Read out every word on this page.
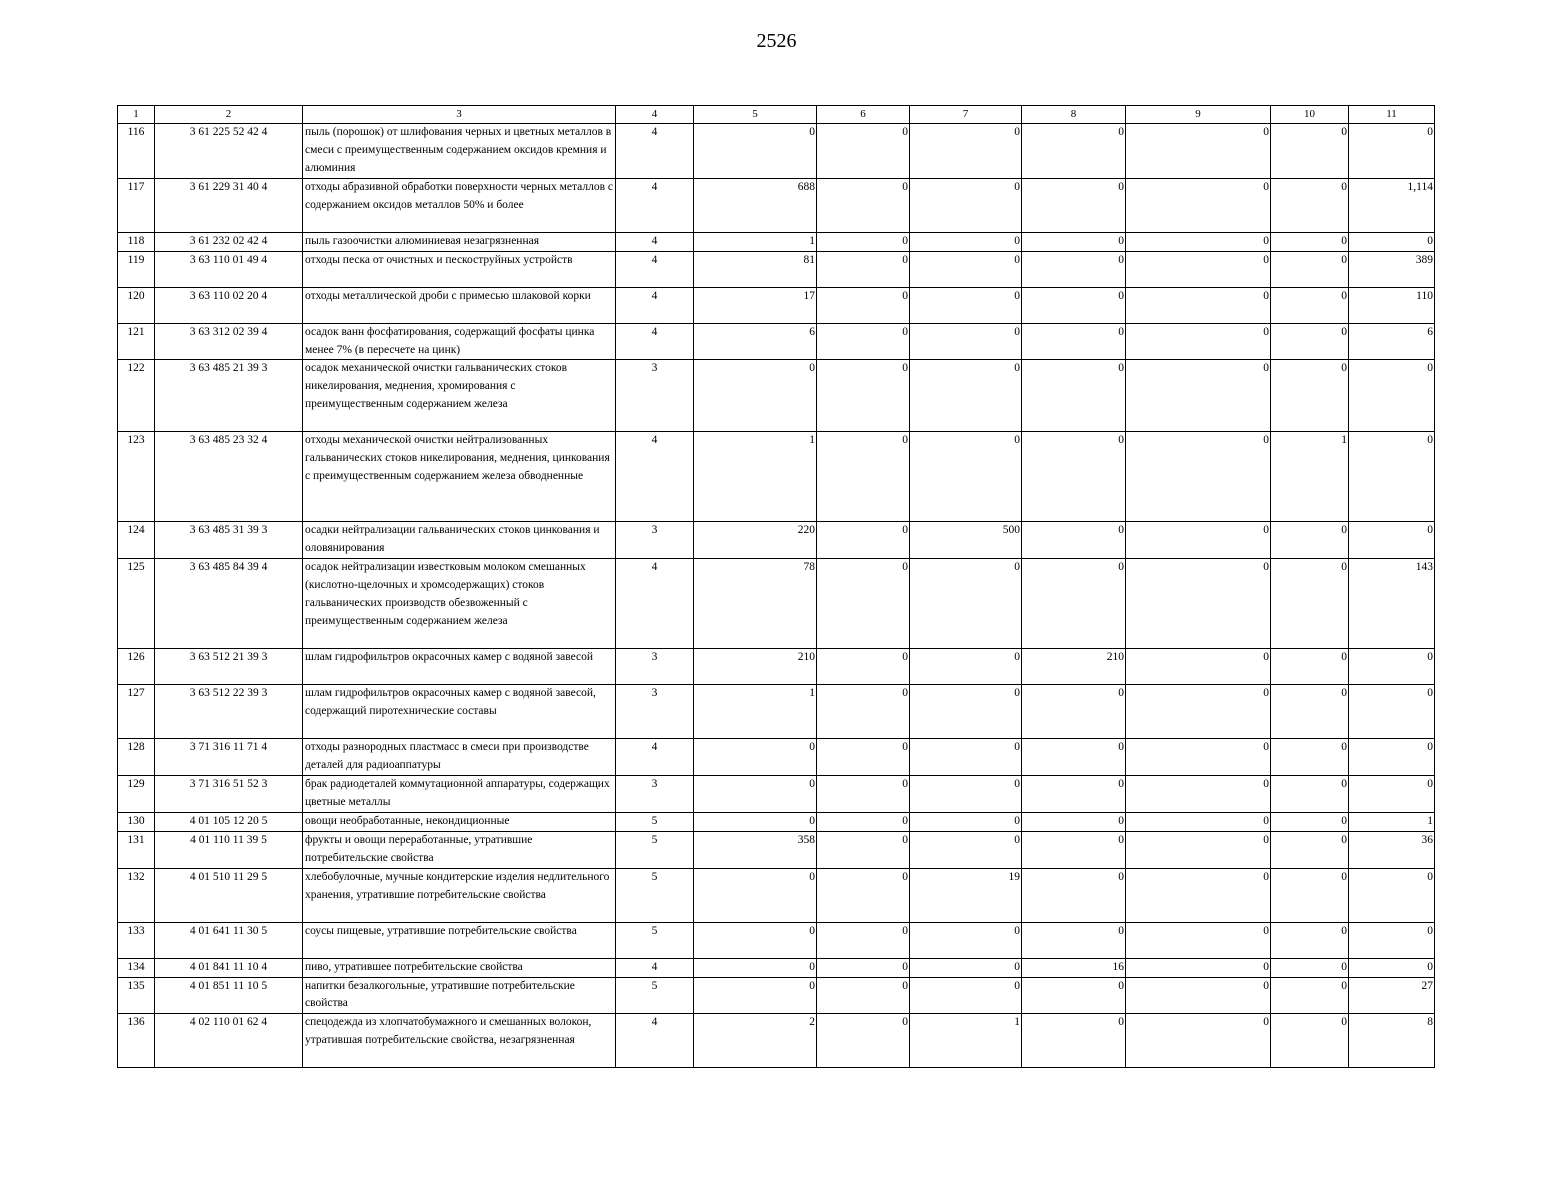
2526
1	2	3	4	5	6	7	8	9	10	11
116	3 61 225 52 42 4	пыль (порошок) от шлифования черных и цветных металлов в смеси с преимущественным содержанием оксидов кремния и алюминия	4	0	0	0	0	0	0	0
117	3 61 229 31 40 4	отходы абразивной обработки поверхности черных металлов с содержанием оксидов металлов 50% и более	4	688	0	0	0	0	0	1,114
118	3 61 232 02 42 4	пыль газоочистки алюминиевая незагрязненная	4	1	0	0	0	0	0	0
119	3 63 110 01 49 4	отходы песка от очистных и пескоструйных устройств	4	81	0	0	0	0	0	389
120	3 63 110 02 20 4	отходы металлической дроби с примесью шлаковой корки	4	17	0	0	0	0	0	110
121	3 63 312 02 39 4	осадок ванн фосфатирования, содержащий фосфаты цинка менее 7% (в пересчете на цинк)	4	6	0	0	0	0	0	6
122	3 63 485 21 39 3	осадок механической очистки гальванических стоков никелирования, меднения, хромирования с преимущественным содержанием железа	3	0	0	0	0	0	0	0
123	3 63 485 23 32 4	отходы механической очистки нейтрализованных гальванических стоков никелирования, меднения, цинкования с преимущественным содержанием железа обводненные	4	1	0	0	0	0	1	0
124	3 63 485 31 39 3	осадки нейтрализации гальванических стоков цинкования и оловянирования	3	220	0	500	0	0	0	0
125	3 63 485 84 39 4	осадок нейтрализации известковым молоком смешанных (кислотно-щелочных и хромсодержащих) стоков гальванических производств обезвоженный с преимущественным содержанием железа	4	78	0	0	0	0	0	143
126	3 63 512 21 39 3	шлам гидрофильтров окрасочных камер с водяной завесой	3	210	0	0	210	0	0	0
127	3 63 512 22 39 3	шлам гидрофильтров окрасочных камер с водяной завесой, содержащий пиротехнические составы	3	1	0	0	0	0	0	0
128	3 71 316 11 71 4	отходы разнородных пластмасс в смеси при производстве деталей для радиоаппатуры	4	0	0	0	0	0	0	0
129	3 71 316 51 52 3	брак радиодеталей коммутационной аппаратуры, содержащих цветные металлы	3	0	0	0	0	0	0	0
130	4 01 105 12 20 5	овощи необработанные, некондиционные	5	0	0	0	0	0	0	1
131	4 01 110 11 39 5	фрукты и овощи переработанные, утратившие потребительские свойства	5	358	0	0	0	0	0	36
132	4 01 510 11 29 5	хлебобулочные, мучные кондитерские изделия недлительного хранения, утратившие потребительские свойства	5	0	0	19	0	0	0	0
133	4 01 641 11 30 5	соусы пищевые, утратившие потребительские свойства	5	0	0	0	0	0	0	0
134	4 01 841 11 10 4	пиво, утратившее потребительские свойства	4	0	0	0	16	0	0	0
135	4 01 851 11 10 5	напитки безалкогольные, утратившие потребительские свойства	5	0	0	0	0	0	0	27
136	4 02 110 01 62 4	спецодежда из хлопчатобумажного и смешанных волокон, утратившая потребительские свойства, незагрязненная	4	2	0	1	0	0	0	8
